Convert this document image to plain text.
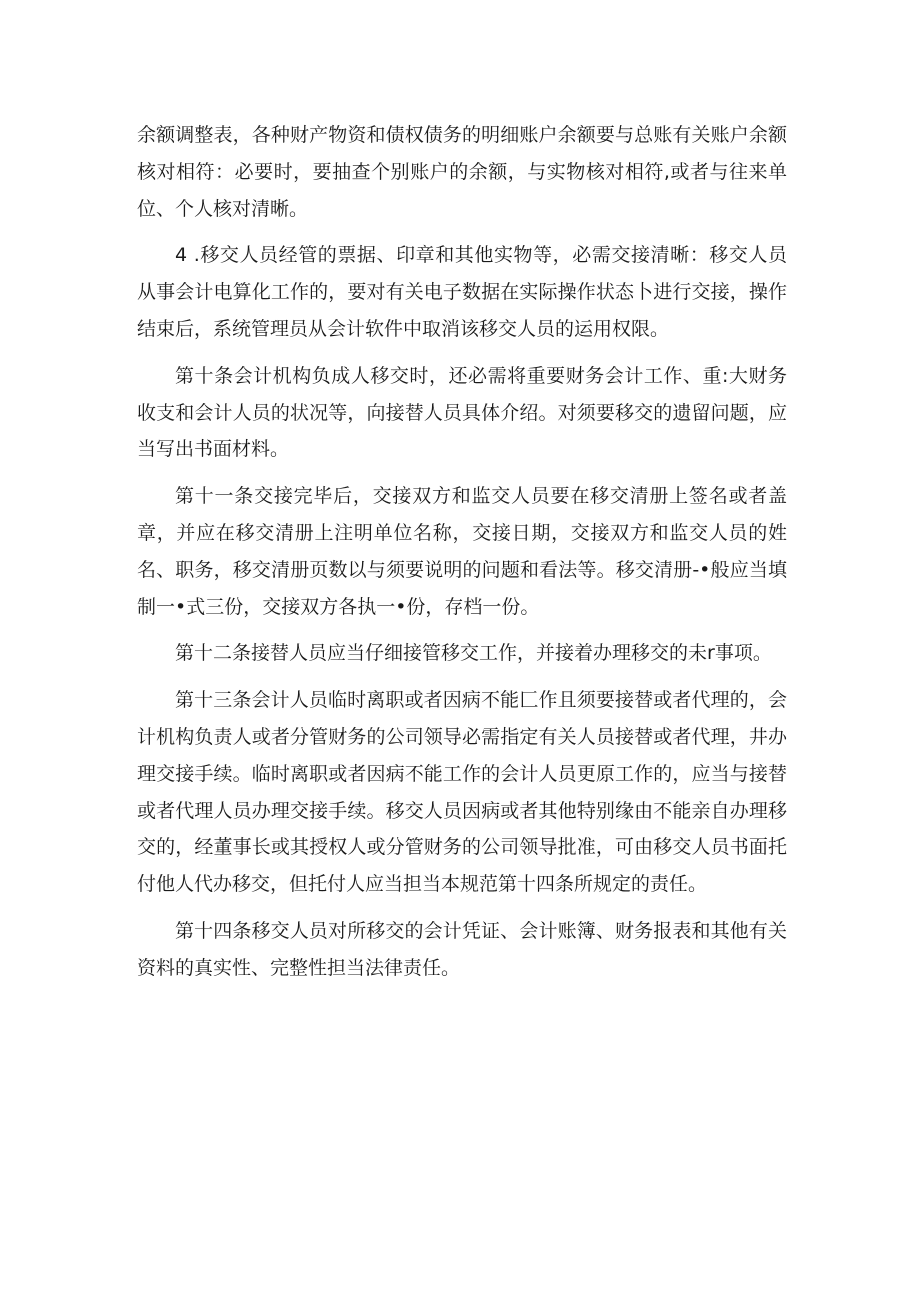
余额调整表，各种财产物资和债权债务的明细账户余额要与总账有关账户余额核对相符：必要时，要抽查个别账户的余额，与实物核对相符,或者与往来单位、个人核对清晰。

4 .移交人员经管的票据、印章和其他实物等，必需交接清晰：移交人员从事会计电算化工作的，要对有关电子数据在实际操作状态卜进行交接，操作结束后，系统管理员从会计软件中取消该移交人员的运用权限。

第十条会计机构负成人移交时，还必需将重要财务会计工作、重:大财务收支和会计人员的状况等，向接替人员具体介绍。对须要移交的遗留问题，应当写出书面材料。

第十一条交接完毕后，交接双方和监交人员要在移交清册上签名或者盖章，并应在移交清册上注明单位名称，交接日期，交接双方和监交人员的姓名、职务，移交清册页数以与须要说明的问题和看法等。移交清册-•般应当填制一•式三份，交接双方各执一•份，存档一份。

第十二条接替人员应当仔细接管移交工作，并接着办理移交的未r事项。

第十三条会计人员临时离职或者因病不能匚作且须要接替或者代理的，会计机构负责人或者分管财务的公司领导必需指定有关人员接替或者代理，井办理交接手续。临时离职或者因病不能工作的会计人员更原工作的，应当与接替或者代理人员办理交接手续。移交人员因病或者其他特别缘由不能亲自办理移交的，经董事长或其授权人或分管财务的公司领导批准，可由移交人员书面托付他人代办移交，但托付人应当担当本规范第十四条所规定的责任。

第十四条移交人员对所移交的会计凭证、会计账簿、财务报表和其他有关资料的真实性、完整性担当法律责任。
